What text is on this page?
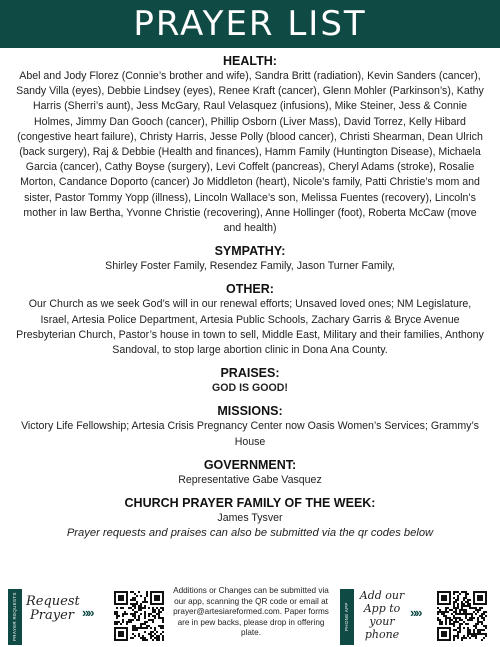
PRAYER LIST
HEALTH:
Abel and Jody Florez (Connie’s brother and wife), Sandra Britt (radiation), Kevin Sanders (cancer), Sandy Villa (eyes), Debbie Lindsey (eyes), Renee Kraft (cancer), Glenn Mohler (Parkinson’s), Kathy Harris (Sherri’s aunt), Jess McGary, Raul Velasquez (infusions), Mike Steiner, Jess & Connie Holmes, Jimmy Dan Gooch (cancer), Phillip Osborn (Liver Mass), David Torrez, Kelly Hibard (congestive heart failure), Christy Harris, Jesse Polly (blood cancer), Christi Shearman, Dean Ulrich (back surgery), Raj & Debbie (Health and finances), Hamm Family (Huntington Disease), Michaela Garcia (cancer), Cathy Boyse (surgery), Levi Coffelt (pancreas), Cheryl Adams (stroke), Rosalie Morton, Candance Doporto (cancer) Jo Middleton (heart), Nicole’s family, Patti Christie’s mom and sister, Pastor Tommy Yopp (illness), Lincoln Wallace’s son, Melissa Fuentes (recovery), Lincoln’s mother in law Bertha, Yvonne Christie (recovering), Anne Hollinger (foot), Roberta McCaw (move and health)
SYMPATHY:
Shirley Foster Family, Resendez Family, Jason Turner Family,
OTHER:
Our Church as we seek God’s will in our renewal efforts; Unsaved loved ones; NM Legislature, Israel, Artesia Police Department, Artesia Public Schools, Zachary Garris & Bryce Avenue Presbyterian Church, Pastor’s house in town to sell, Middle East, Military and their families, Anthony Sandoval, to stop large abortion clinic in Dona Ana County.
PRAISES:
GOD IS GOOD!
MISSIONS:
Victory Life Fellowship; Artesia Crisis Pregnancy Center now Oasis Women’s Services; Grammy’s House
GOVERNMENT:
Representative Gabe Vasquez
CHURCH PRAYER FAMILY OF THE WEEK:
James Tysver
Prayer requests and praises can also be submitted via the qr codes below
PRAYER REQUESTS Request
Prayer »»
Additions or Changes can be submitted via our app, scanning the QR code or email at prayer@artesiareformed.com. Paper forms are in pew backs, please drop in offering plate.
PHONE APP
Add our
App to
your phone
»»
